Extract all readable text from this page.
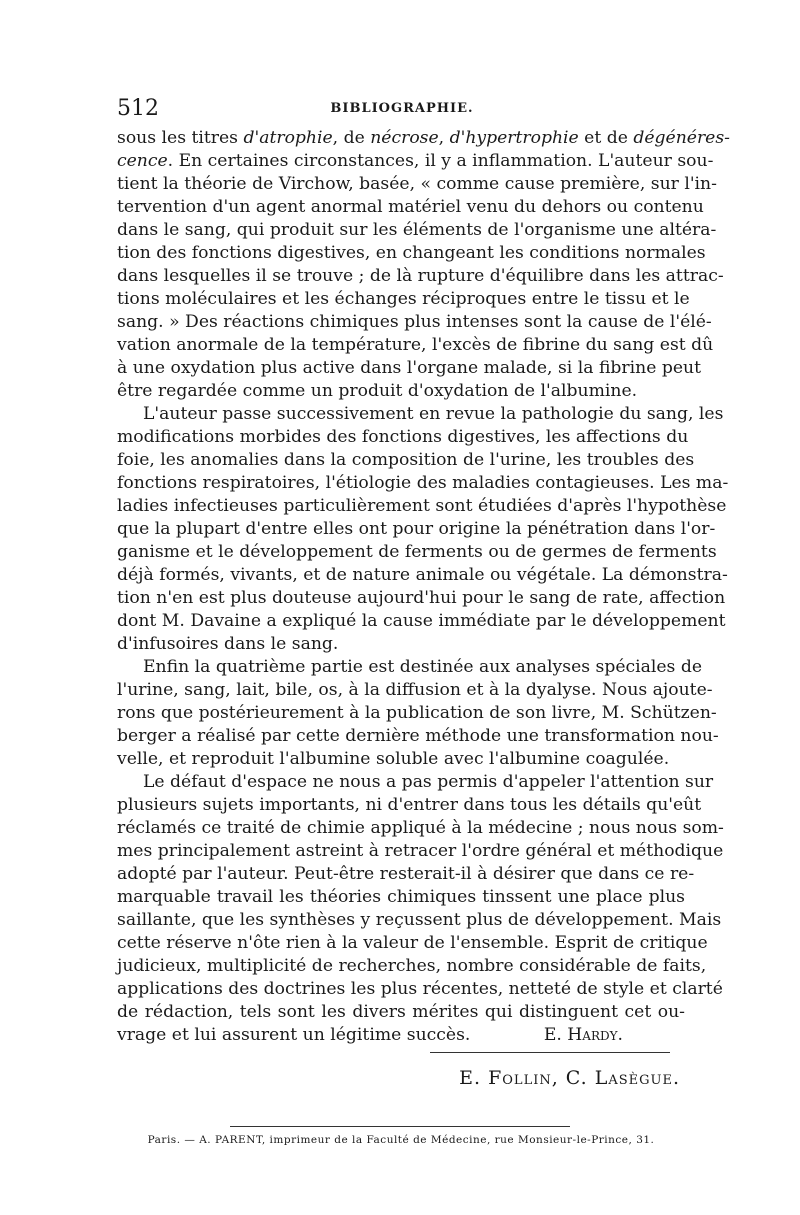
512	BIBLIOGRAPHIE.

sous les titres d'atrophie, de nécrose, d'hypertrophie et de dégénéres-

cence. En certaines circonstances, il y a inflammation. L'auteur sou-

tient la théorie de Virchow, basée, « comme cause première, sur l'in-

tervention d'un agent anormal matériel venu du dehors ou contenu

dans le sang, qui produit sur les éléments de l'organisme une altéra-

tion des fonctions digestives, en changeant les conditions normales

dans lesquelles il se trouve ; de là rupture d'équilibre dans les attrac-

tions moléculaires et les échanges réciproques entre le tissu et le

sang. » Des réactions chimiques plus intenses sont la cause de l'élé-

vation anormale de la température, l'excès de fibrine du sang est dû

à une oxydation plus active dans l'organe malade, si la fibrine peut

être regardée comme un produit d'oxydation de l'albumine.

L'auteur passe successivement en revue la pathologie du sang, les

modifications morbides des fonctions digestives, les affections du

foie, les anomalies dans la composition de l'urine, les troubles des

fonctions respiratoires, l'étiologie des maladies contagieuses. Les ma-

ladies infectieuses particulièrement sont étudiées d'après l'hypothèse

que la plupart d'entre elles ont pour origine la pénétration dans l'or-

ganisme et le développement de ferments ou de germes de ferments

déjà formés, vivants, et de nature animale ou végétale. La démonstra-

tion n'en est plus douteuse aujourd'hui pour le sang de rate, affection

dont M. Davaine a expliqué la cause immédiate par le développement

d'infusoires dans le sang.

Enfin la quatrième partie est destinée aux analyses spéciales de

l'urine, sang, lait, bile, os, à la diffusion et à la dyalyse. Nous ajoute-

rons que postérieurement à la publication de son livre, M. Schützen-

berger a réalisé par cette dernière méthode une transformation nou-

velle, et reproduit l'albumine soluble avec l'albumine coagulée.

Le défaut d'espace ne nous a pas permis d'appeler l'attention sur

plusieurs sujets importants, ni d'entrer dans tous les détails qu'eût

réclamés ce traité de chimie appliqué à la médecine ; nous nous som-

mes principalement astreint à retracer l'ordre général et méthodique

adopté par l'auteur. Peut-être resterait-il à désirer que dans ce re-

marquable travail les théories chimiques tinssent une place plus

saillante, que les synthèses y reçussent plus de développement. Mais

cette réserve n'ôte rien à la valeur de l'ensemble. Esprit de critique

judicieux, multiplicité de recherches, nombre considérable de faits,

applications des doctrines les plus récentes, netteté de style et clarté

de rédaction, tels sont les divers mérites qui distinguent cet ou-

vrage et lui assurent un légitime succès.	E. Hardy.

E. Follin, C. Lasègue.
Paris. — A. PARENT, imprimeur de la Faculté de Médecine, rue Monsieur-le-Prince, 31.
